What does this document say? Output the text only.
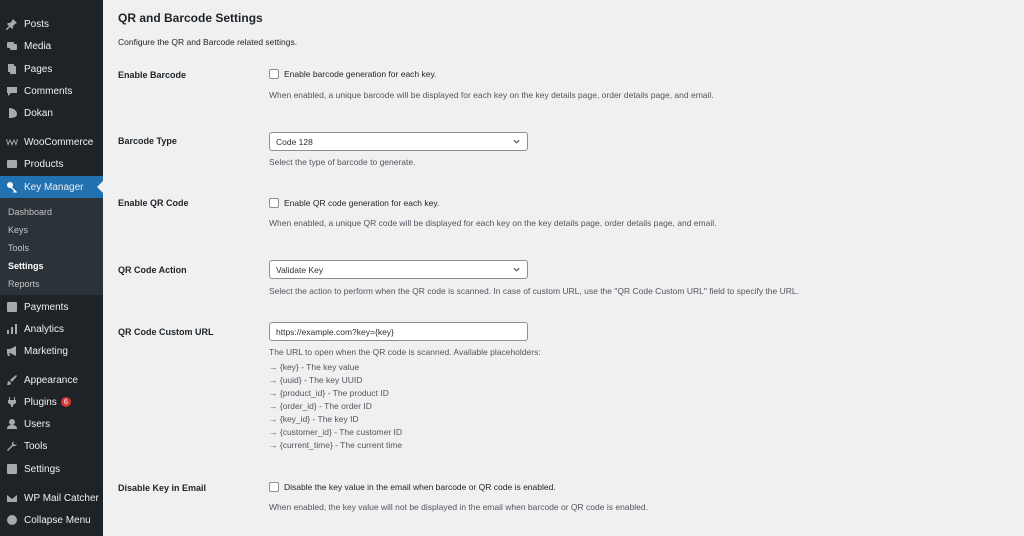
Posts
Media
Pages
Comments
Dokan
WooCommerce
Products
Key Manager
Dashboard
Keys
Tools
Settings
Reports
Payments
Analytics
Marketing
Appearance
Plugins	6
Users
Tools
Settings
WP Mail Catcher
Collapse Menu
QR and Barcode Settings
Configure the QR and Barcode related settings.
Enable Barcode	Enable barcode generation for each key.
When enabled, a unique barcode will be displayed for each key on the key details page, order details page, and email.
Barcode Type	Code 128
Select the type of barcode to generate.
Enable QR Code	Enable QR code generation for each key.
When enabled, a unique QR code will be displayed for each key on the key details page, order details page, and email.
QR Code Action	Validate Key
Select the action to perform when the QR code is scanned. In case of custom URL, use the "QR Code Custom URL" field to specify the URL.
QR Code Custom URL	https://example.com?key={key}
The URL to open when the QR code is scanned. Available placeholders:
→ {key} - The key value
→ {uuid} - The key UUID
→ {product_id} - The product ID
→ {order_id} - The order ID
→ {key_id} - The key ID
→ {customer_id} - The customer ID
→ {current_time} - The current time
Disable Key in Email	Disable the key value in the email when barcode or QR code is enabled.
When enabled, the key value will not be displayed in the email when barcode or QR code is enabled.
